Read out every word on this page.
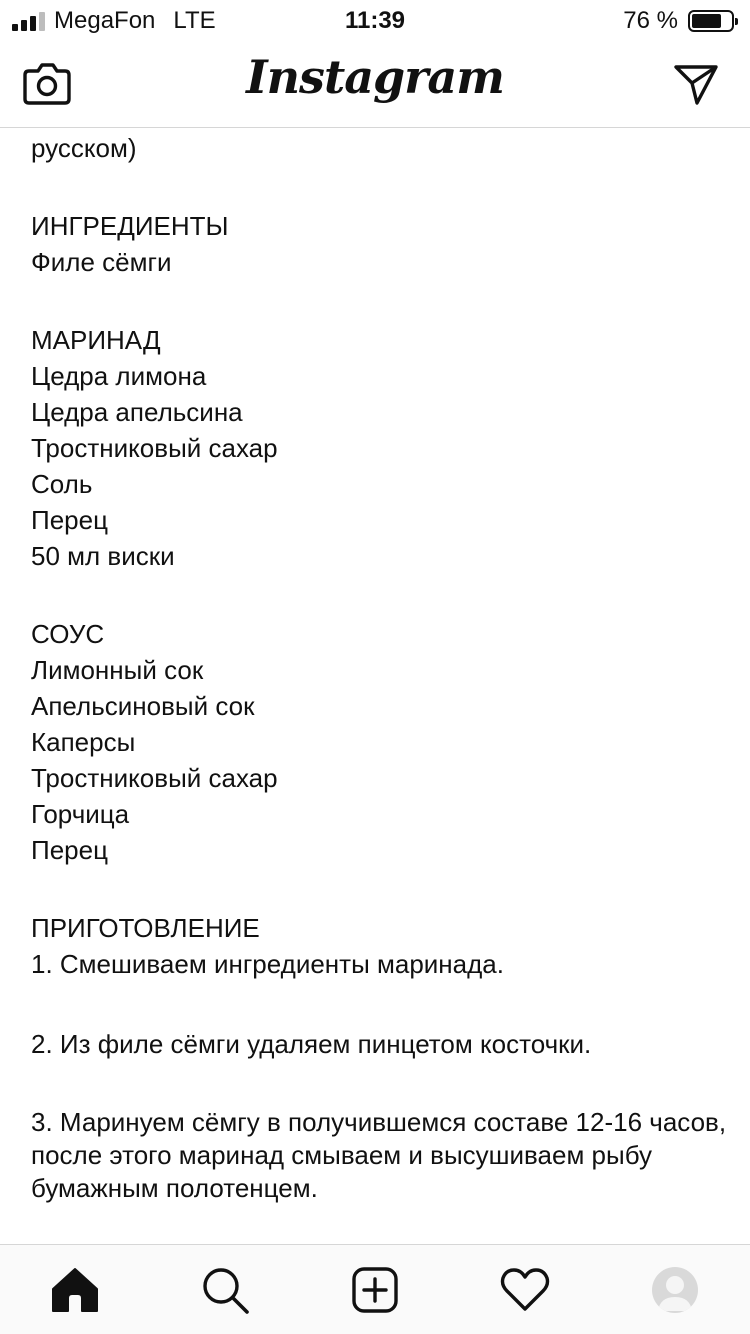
MegaFon LTE	11:39	76 %
Instagram

русском)
ИНГРЕДИЕНТЫ
Филе сёмги
МАРИНАД
Цедра лимона
Цедра апельсина
Тростниковый сахар
Соль
Перец
50 мл виски
СОУС
Лимонный сок
Апельсиновый сок
Каперсы
Тростниковый сахар
Горчица
Перец
ПРИГОТОВЛЕНИЕ
1. Смешиваем ингредиенты маринада.
2. Из филе сёмги удаляем пинцетом косточки.
3. Маринуем сёмгу в получившемся составе 12-16 часов, после этого маринад смываем и высушиваем рыбу бумажным полотенцем.
